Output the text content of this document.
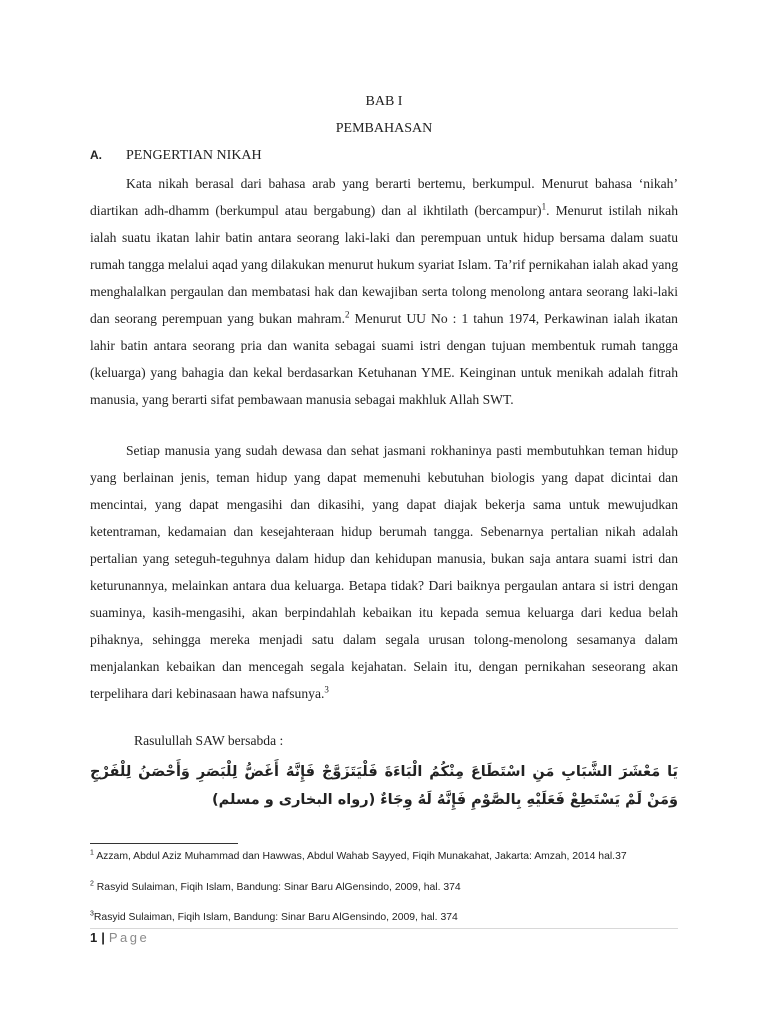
BAB I
PEMBAHASAN
A. PENGERTIAN NIKAH

Kata nikah berasal dari bahasa arab yang berarti bertemu, berkumpul. Menurut bahasa ‘nikah’ diartikan adh-dhamm (berkumpul atau bergabung) dan al ikhtilath (bercampur)$^1$. Menurut istilah nikah ialah suatu ikatan lahir batin antara seorang laki-laki dan perempuan untuk hidup bersama dalam suatu rumah tangga melalui aqad yang dilakukan menurut hukum syariat Islam. Ta’rif pernikahan ialah akad yang menghalalkan pergaulan dan membatasi hak dan kewajiban serta tolong menolong antara seorang laki-laki dan seorang perempuan yang bukan mahram.$^2$ Menurut UU No : 1 tahun 1974, Perkawinan ialah ikatan lahir batin antara seorang pria dan wanita sebagai suami istri dengan tujuan membentuk rumah tangga (keluarga) yang bahagia dan kekal berdasarkan Ketuhanan YME. Keinginan untuk menikah adalah fitrah manusia, yang berarti sifat pembawaan manusia sebagai makhluk Allah SWT.

Setiap manusia yang sudah dewasa dan sehat jasmani rokhaninya pasti membutuhkan teman hidup yang berlainan jenis, teman hidup yang dapat memenuhi kebutuhan biologis yang dapat dicintai dan mencintai, yang dapat mengasihi dan dikasihi, yang dapat diajak bekerja sama untuk mewujudkan ketentraman, kedamaian dan kesejahteraan hidup berumah tangga. Sebenarnya pertalian nikah adalah pertalian yang seteguh-teguhnya dalam hidup dan kehidupan manusia, bukan saja antara suami istri dan keturunannya, melainkan antara dua keluarga. Betapa tidak? Dari baiknya pergaulan antara si istri dengan suaminya, kasih-mengasihi, akan berpindahlah kebaikan itu kepada semua keluarga dari kedua belah pihaknya, sehingga mereka menjadi satu dalam segala urusan tolong-menolong sesamanya dalam menjalankan kebaikan dan mencegah segala kejahatan. Selain itu, dengan pernikahan seseorang akan terpelihara dari kebinasaan hawa nafsunya.$^3$

Rasulullah SAW bersabda :
يَا مَعْشَرَ الشَّبَابِ مَنِ اسْتَطَاعَ مِنْكُمُ الْبَاءَةَ فَلْيَتَزَوَّجْ فَإِنَّهُ أَغَضُّ لِلْبَصَرِ وَأَحْصَنُ لِلْفَرْجِ وَمَنْ لَمْ يَسْتَطِعْ فَعَلَيْهِ بِالصَّوْمِ فَإِنَّهُ لَهُ وِجَاءٌ (رواه البخارى و مسلم)
$^1$ Azzam, Abdul Aziz Muhammad dan Hawwas, Abdul Wahab Sayyed, Fiqih Munakahat, Jakarta: Amzah, 2014 hal.37
$^2$ Rasyid Sulaiman, Fiqih Islam, Bandung: Sinar Baru AlGensindo, 2009, hal. 374
$^3$Rasyid Sulaiman, Fiqih Islam, Bandung: Sinar Baru AlGensindo, 2009, hal. 374
1 | Page
